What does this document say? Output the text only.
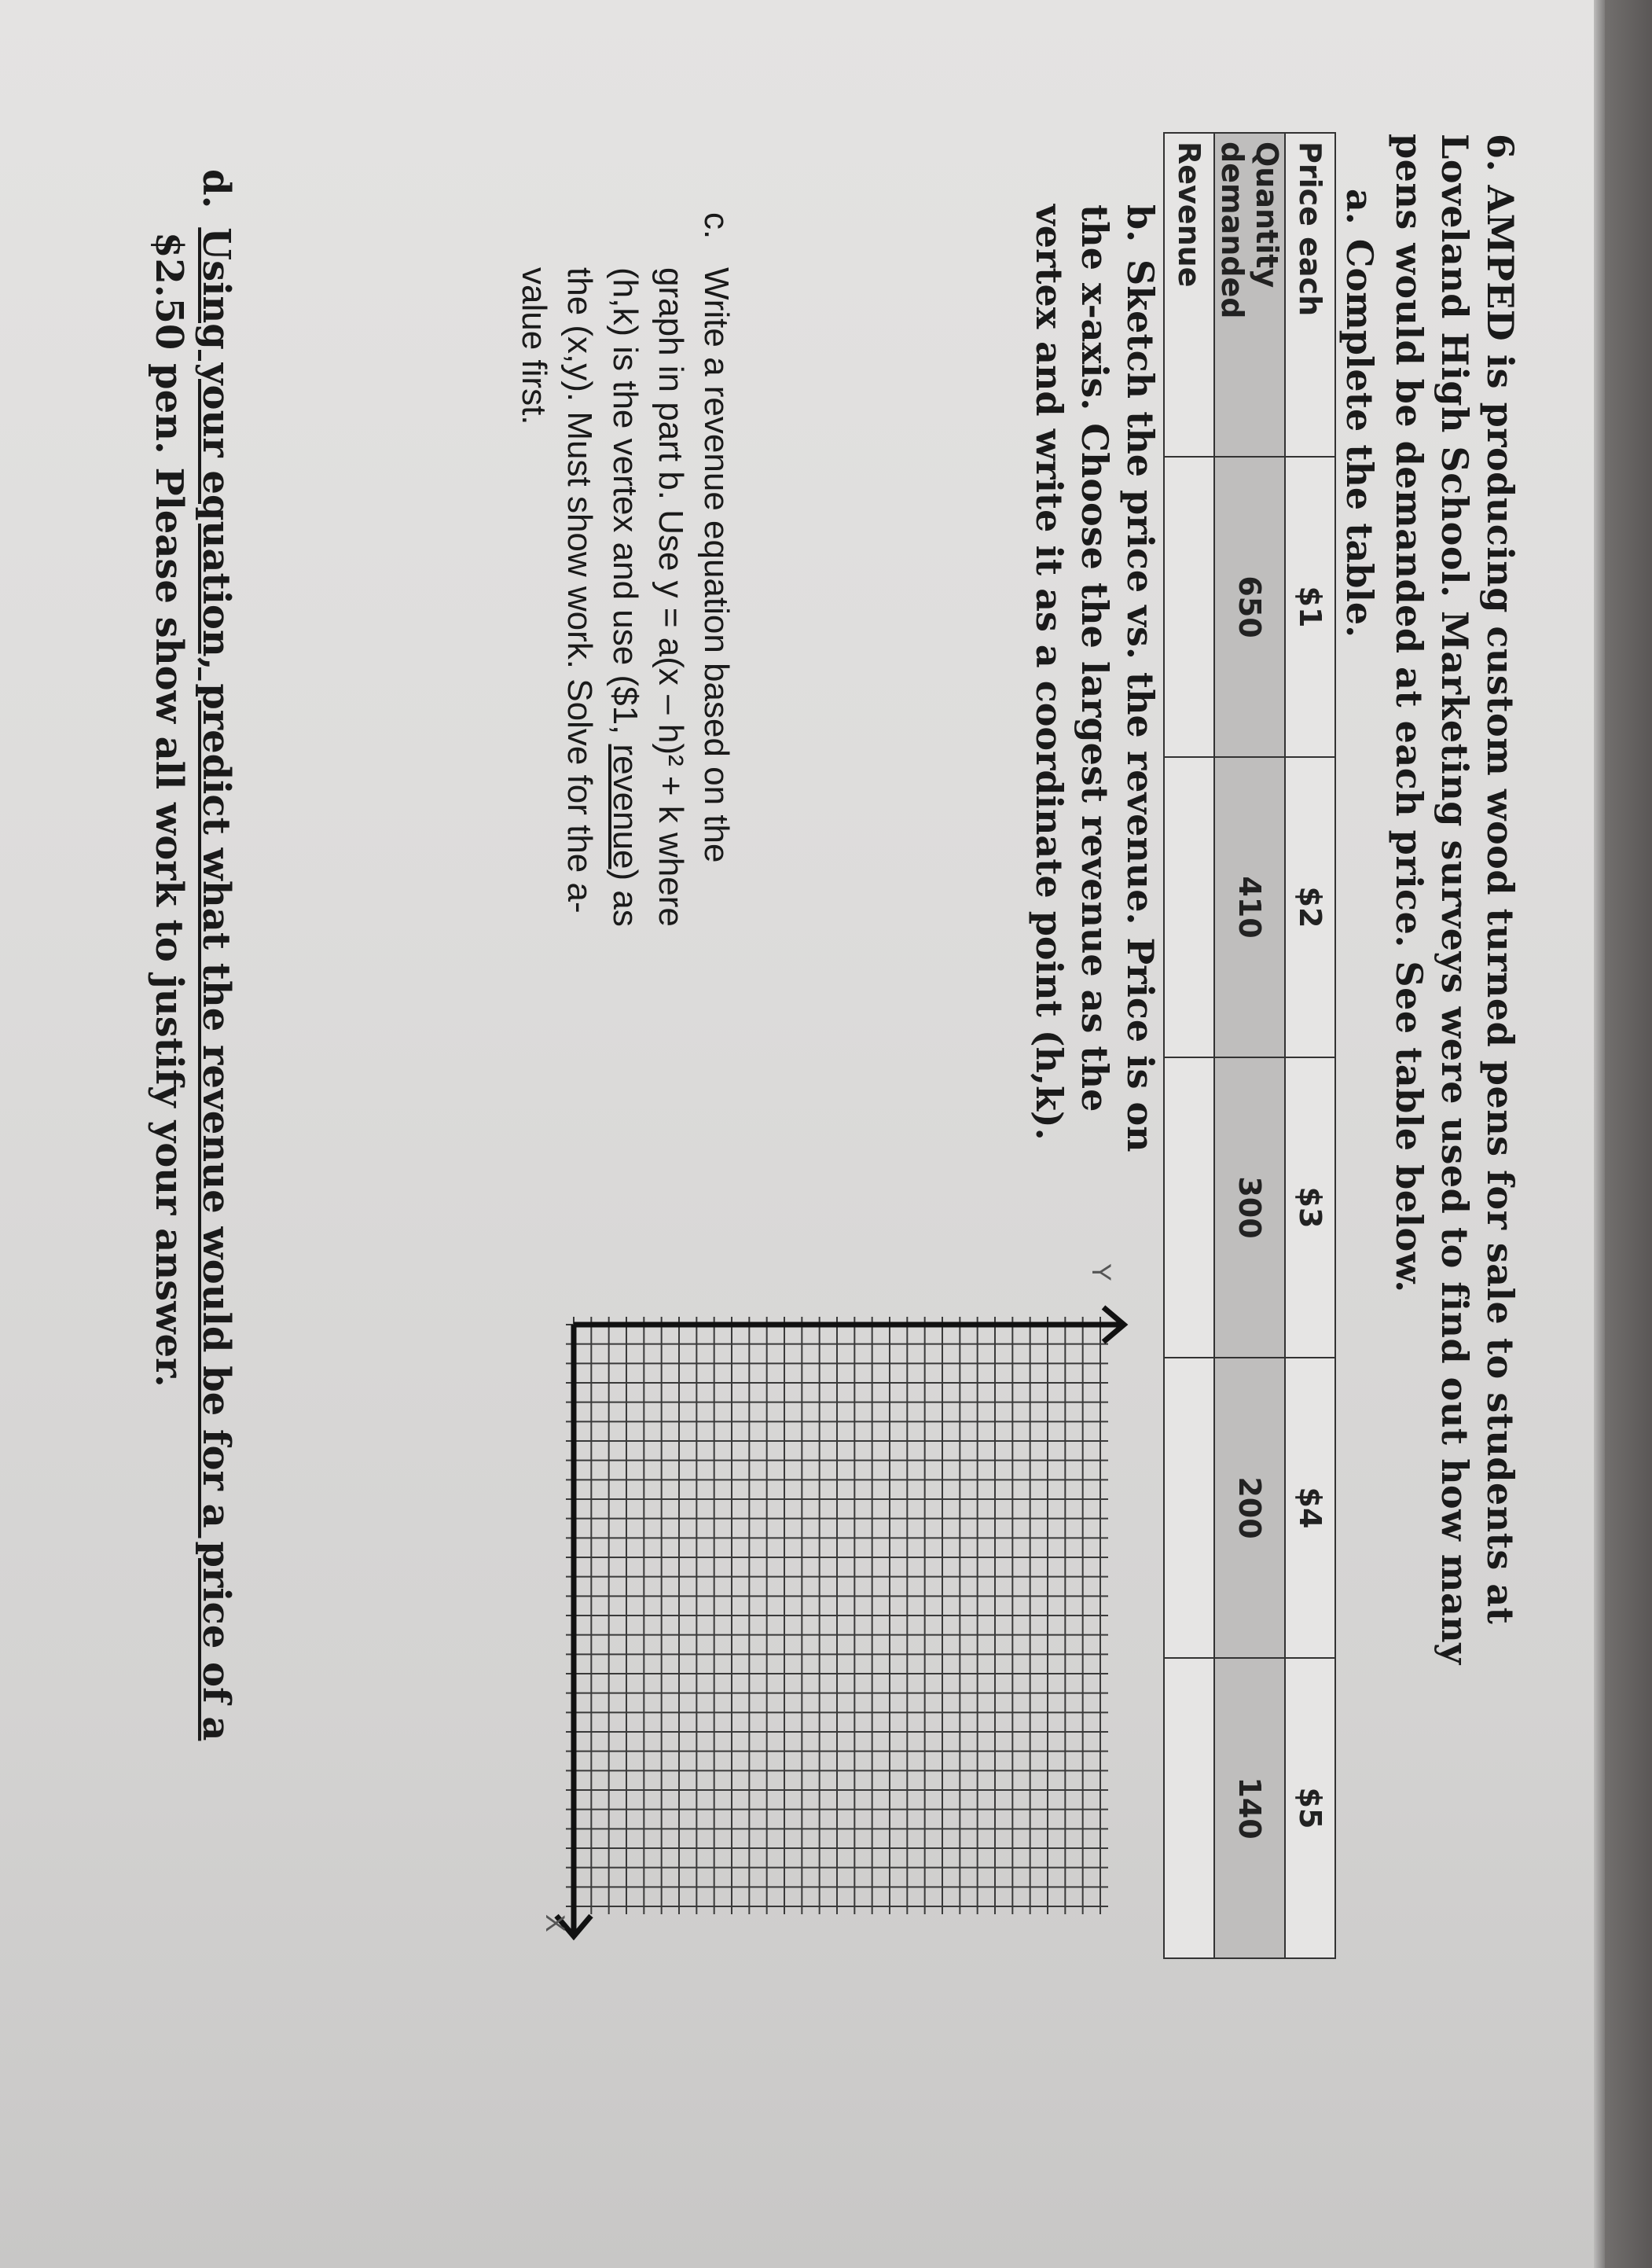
6. AMPED is producing custom wood turned pens for sale to students at Loveland High School. Marketing surveys were used to find out how many pens would be demanded at each price. See table below.
a.Complete the table.
Price each	$1	$2	$3	$4	$5
Quantity demanded	650	410	300	200	140
Revenue					
b.Sketch the price vs. the revenue. Price is on the x-axis. Choose the largest revenue as the vertex and write it as a coordinate point (h,k).
c.Write a revenue equation based on the
graph in part b. Use y = a(x – h)² + k where
(h,k) is the vertex and use ($1, revenue) as
the (x,y). Must show work. Solve for the a-
value first.
Y
X
d.Using your equation, predict what the revenue would be for a price of a
$2.50 pen. Please show all work to justify your answer.
